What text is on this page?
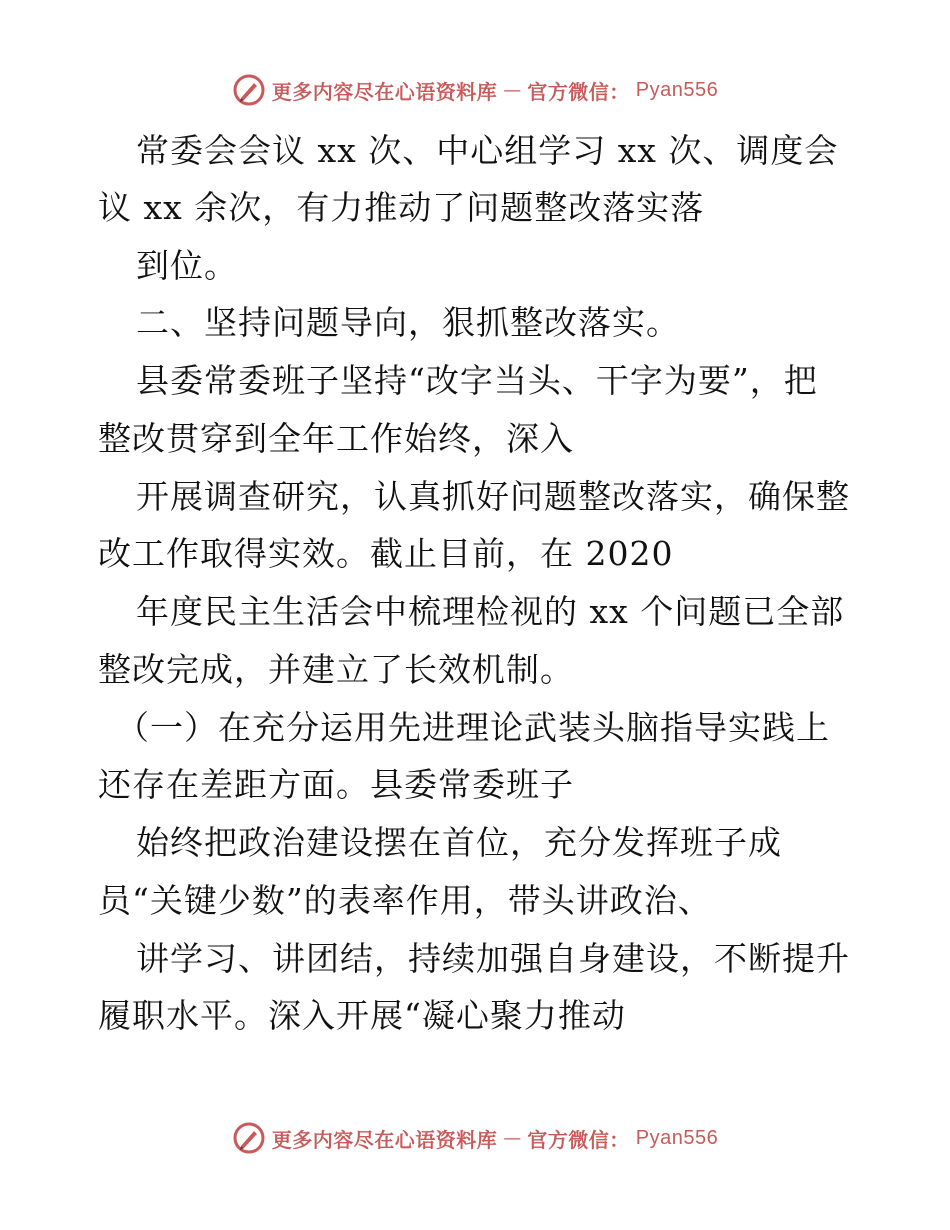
更多内容尽在心语资料库 — 官方微信： Pyan556
常委会会议 xx 次、中心组学习 xx 次、调度会
议 xx 余次，有力推动了问题整改落实落
到位。
二、坚持问题导向，狠抓整改落实。
县委常委班子坚持“改字当头、干字为要”，把
整改贯穿到全年工作始终，深入
开展调查研究，认真抓好问题整改落实，确保整
改工作取得实效。截止目前，在 2020
年度民主生活会中梳理检视的 xx 个问题已全部
整改完成，并建立了长效机制。
（一）在充分运用先进理论武装头脑指导实践上
还存在差距方面。县委常委班子
始终把政治建设摆在首位，充分发挥班子成
员“关键少数”的表率作用，带头讲政治、
讲学习、讲团结，持续加强自身建设，不断提升
履职水平。深入开展“凝心聚力推动
更多内容尽在心语资料库 — 官方微信： Pyan556
